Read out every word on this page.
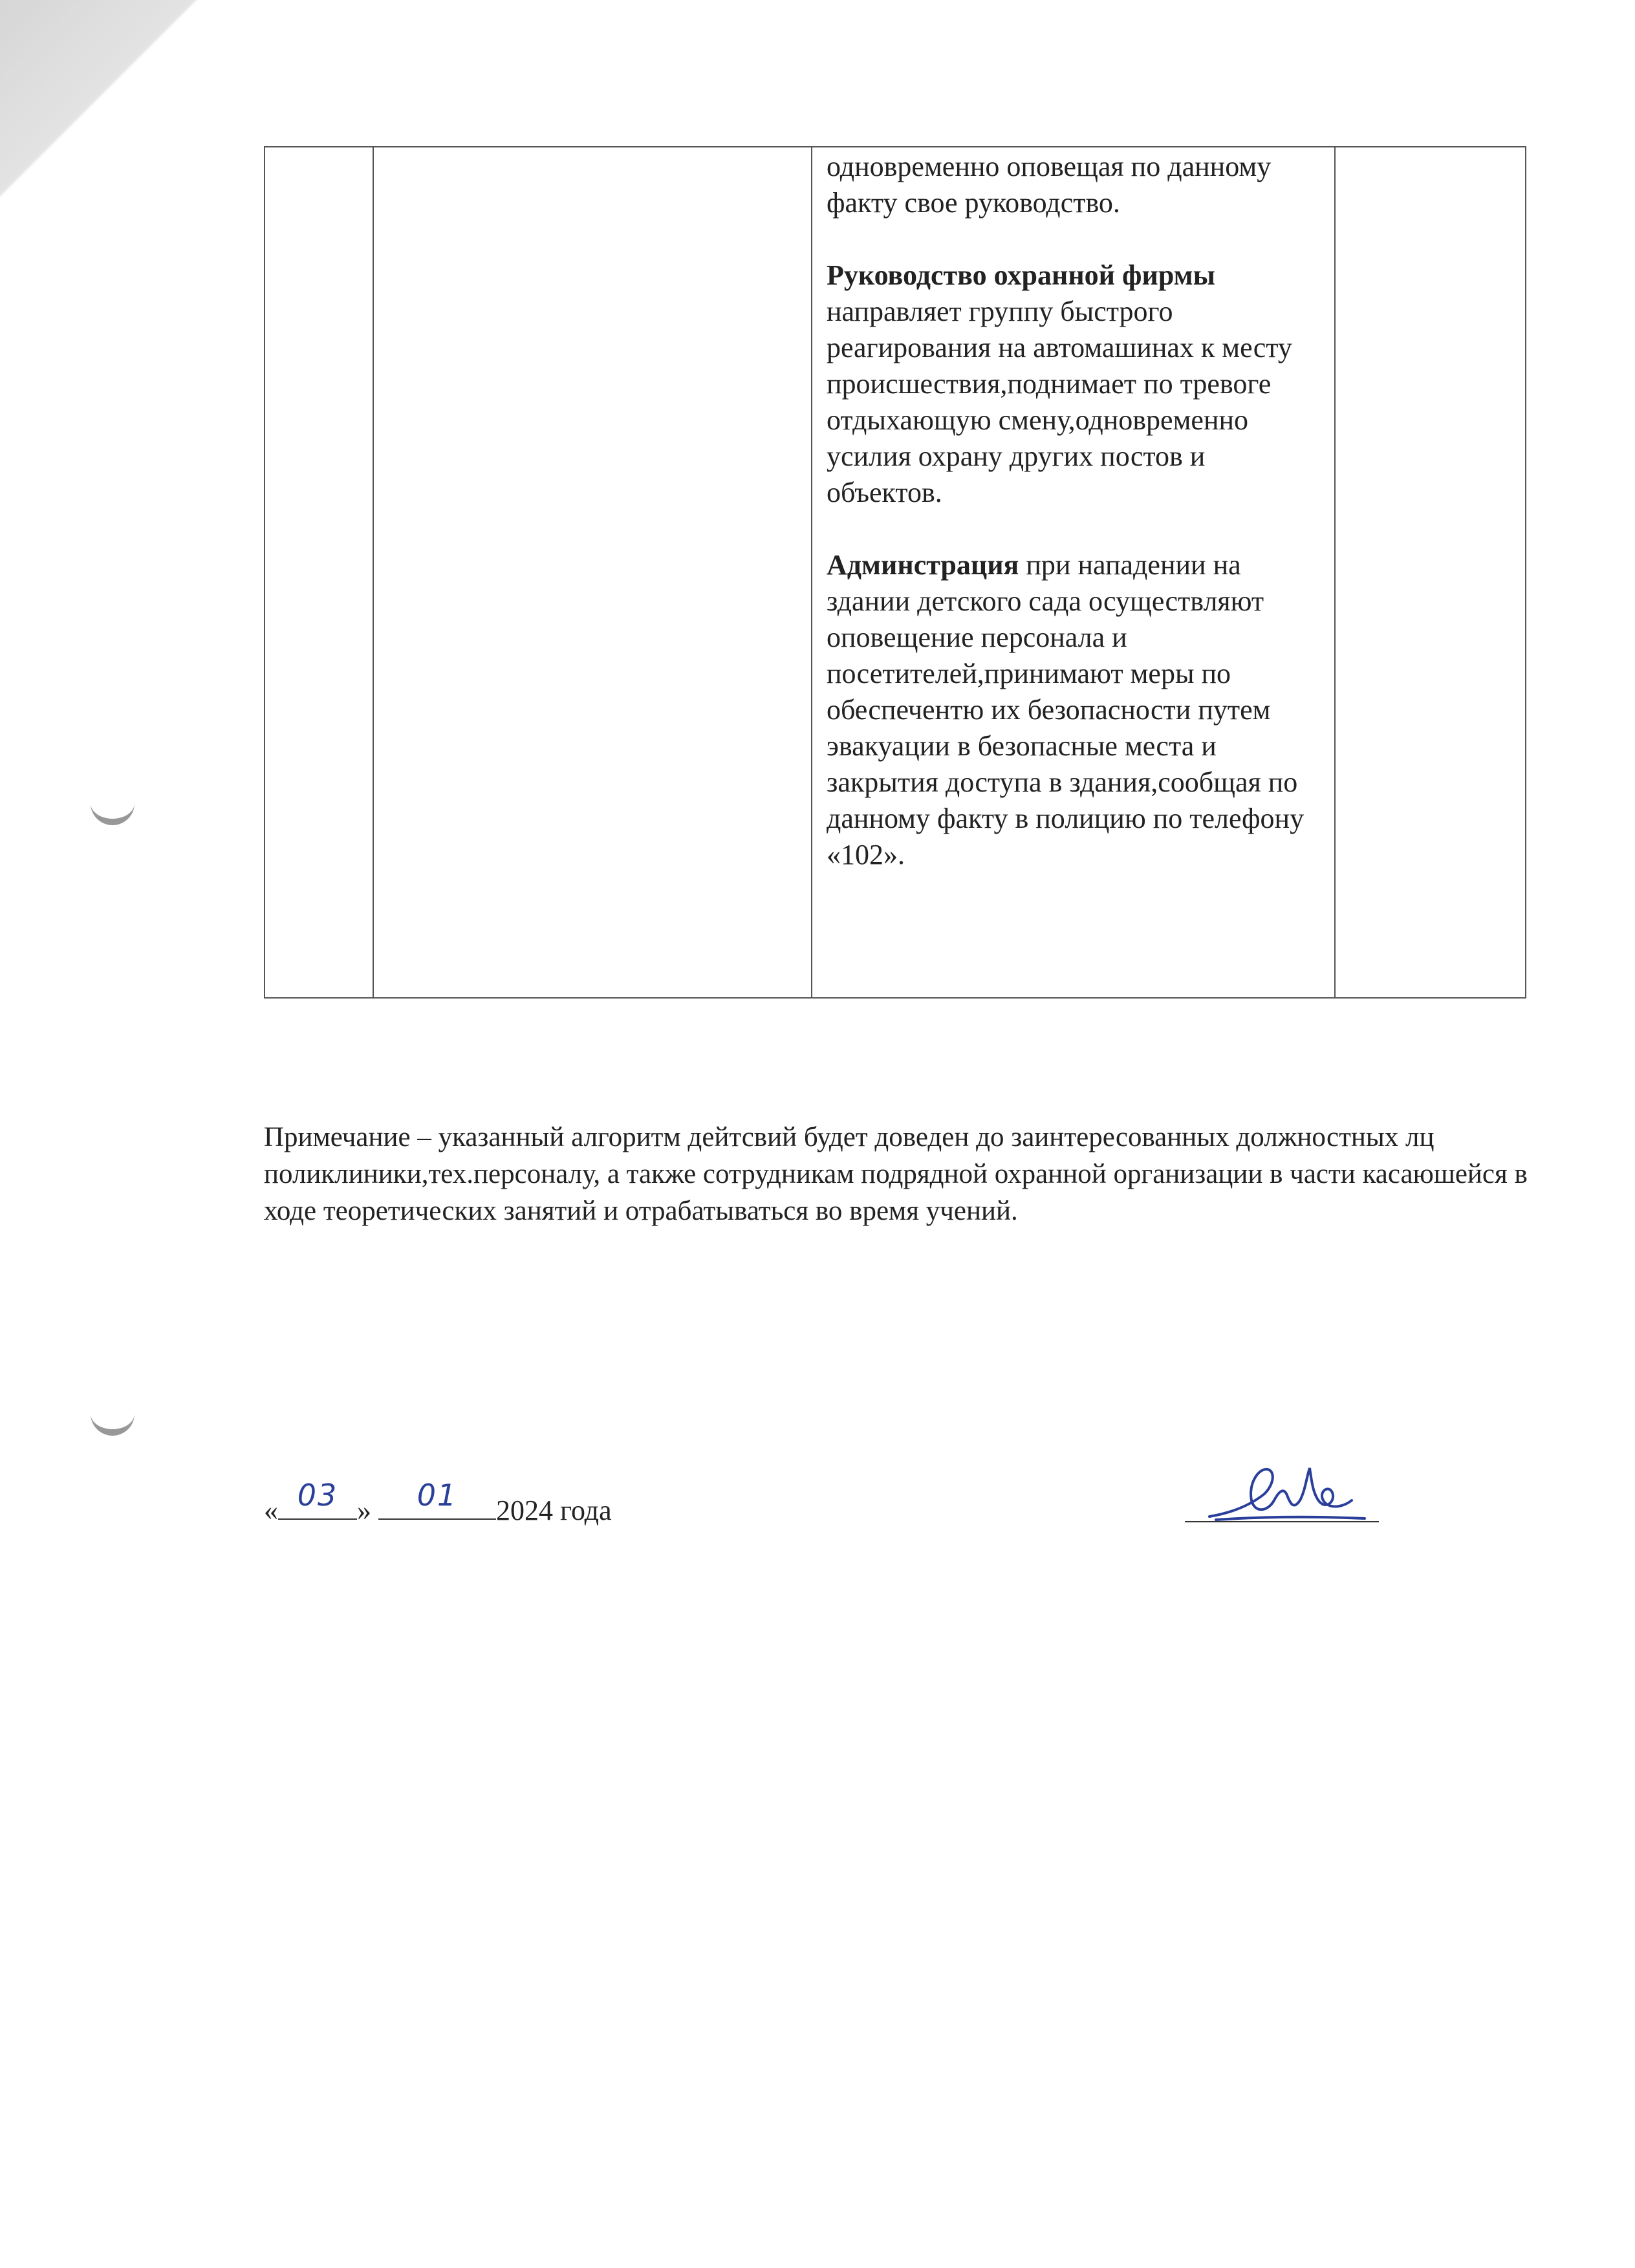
одновременно оповещая по данному факту свое руководство.
Руководство охранной фирмы направляет группу быстрого реагирования на автомашинах к месту происшествия,поднимает по тревоге отдыхающую смену,одновременно усилия охрану других постов и объектов.
Админстрация при нападении на здании детского сада осуществляют оповещение персонала и посетителей,принимают меры по обеспечентю их безопасности путем эвакуации в безопасные места и закрытия доступа в здания,сообщая по данному факту в полицию по телефону «102».

Примечание – указанный алгоритм дейтсвий будет доведен до заинтересованных должностных лц поликлиники,тех.персоналу, а также сотрудникам подрядной охранной организации в части касаюшейся в ходе теоретических занятий и отрабатываться во время учений.
« 03 »	01	2024 года
